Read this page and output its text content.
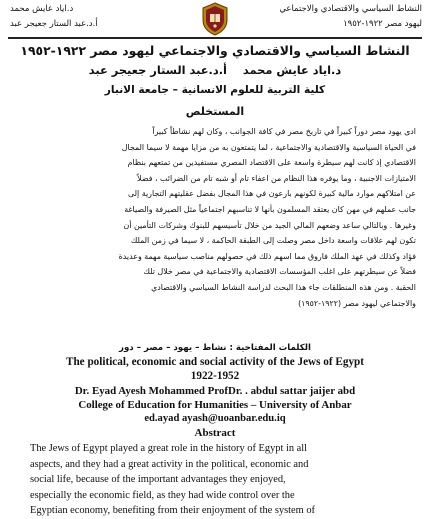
د.اياد عايش محمد
أ.د.عبد الستار جعيجر عبد
النشاط السياسي والاقتصادي والاجتماعي
ليهود مصر ١٩٢٢-١٩٥٢
النشاط السياسي والاقتصادي والاجتماعي ليهود مصر ١٩٢٢-١٩٥٢
د.اياد عايش محمد أ.د.عبد الستار جعيجر عبد
كلية التربية للعلوم الانسانية – جامعة الانبار
المستخلص
ادى يهود مصر دوراً كبيراً في تاريخ مصر في كافة الجوانب ، وكان لهم نشاطاً كبيراً
في الحياة السياسية والاقتصادية والاجتماعية ، لما يتمتعون به من مزايا مهمة لا سيما المجال
الاقتصادي إذ كانت لهم سيطرة واسعة على الاقتصاد المصري مستفيدين من تمتعهم بنظام
الامتيازات الاجنبية ، وما يوفره هذا النظام من اعفاء تام أو شبه تام من الضرائب ، فضلاً
عن امتلاكهم موارد مالية كبيرة لكونهم بارعون في هذا المجال بفضل عقليتهم التجارية إلى
جانب عملهم في مهن كان يعتقد المسلمون بأنها لا تناسبهم اجتماعياً مثل الصيرفة والصياغة
وغيرها . وبالتالي ساعد وضعهم المالي الجيد من خلال تأسيسهم للبنوك وشركات التأمين أن
تكون لهم علاقات واسعة داخل مصر وصلت إلى الطبقة الحاكمة ، لا سيما في زمن الملك
فؤاد وكذلك في عهد الملك فاروق مما اسهم ذلك في حصولهم مناصب سياسية مهمة وعديدة
فضلاً عن سيطرتهم على اغلب المؤسسات الاقتصادية والاجتماعية في مصر خلال تلك
الحقبة . ومن هذه المنطلقات جاء هذا البحث لدراسة النشاط السياسي والاقتصادي
والاجتماعي ليهود مصر (١٩٢٢-١٩٥٢)
الكلمات المفتاحية : نشاط – يهود – مصر – دور
The political, economic and social activity of the Jews of Egypt
1922-1952
Dr. Eyad Ayesh Mohammed ProfDr. . abdul sattar jaijer abd
College of Education for Humanities – University of Anbar
ed.ayad ayash@uoanbar.edu.iq
Abstract
The Jews of Egypt played a great role in the history of Egypt in all
aspects, and they had a great activity in the political, economic and
social life, because of the important advantages they enjoyed,
especially the economic field, as they had wide control over the
Egyptian economy, benefiting from their enjoyment of the system of
